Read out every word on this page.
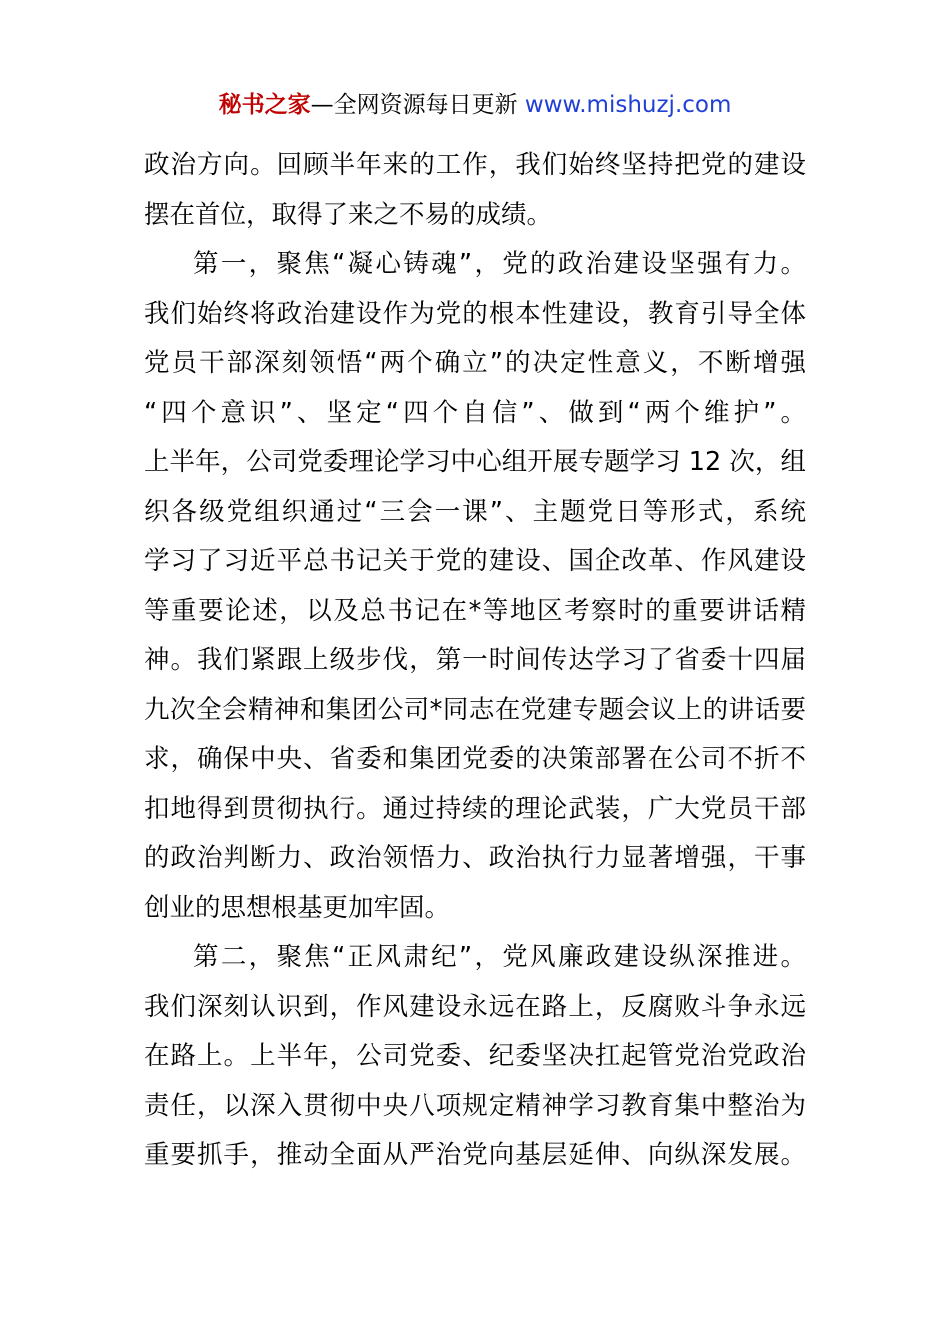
秘书之家—全网资源每日更新 www.mishuzj.com
政治方向。回顾半年来的工作，我们始终坚持把党的建设
摆在首位，取得了来之不易的成绩。
第一，聚焦“凝心铸魂”，党的政治建设坚强有力。
我们始终将政治建设作为党的根本性建设，教育引导全体
党员干部深刻领悟“两个确立”的决定性意义，不断增强
“四个意识”、坚定“四个自信”、做到“两个维护”。
上半年，公司党委理论学习中心组开展专题学习 12 次，组
织各级党组织通过“三会一课”、主题党日等形式，系统
学习了习近平总书记关于党的建设、国企改革、作风建设
等重要论述，以及总书记在*等地区考察时的重要讲话精
神。我们紧跟上级步伐，第一时间传达学习了省委十四届
九次全会精神和集团公司*同志在党建专题会议上的讲话要
求，确保中央、省委和集团党委的决策部署在公司不折不
扣地得到贯彻执行。通过持续的理论武装，广大党员干部
的政治判断力、政治领悟力、政治执行力显著增强，干事
创业的思想根基更加牢固。
第二，聚焦“正风肃纪”，党风廉政建设纵深推进。
我们深刻认识到，作风建设永远在路上，反腐败斗争永远
在路上。上半年，公司党委、纪委坚决扛起管党治党政治
责任，以深入贯彻中央八项规定精神学习教育集中整治为
重要抓手，推动全面从严治党向基层延伸、向纵深发展。
